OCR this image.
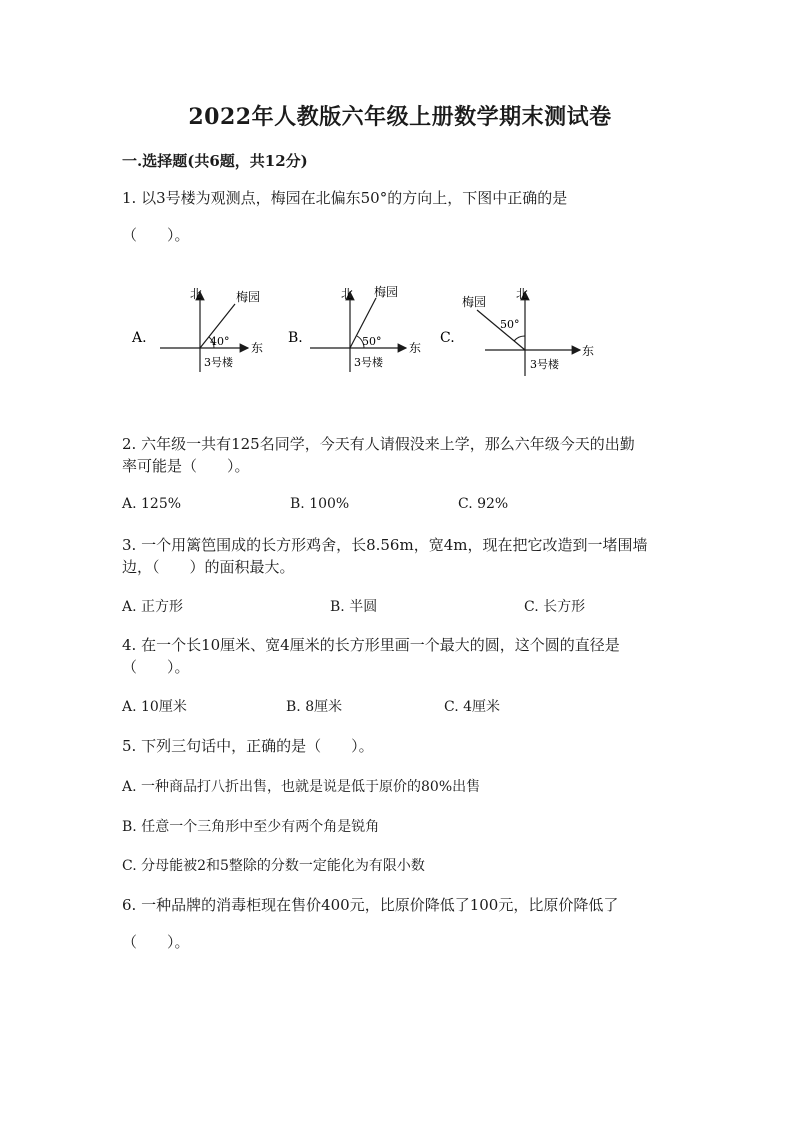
2022年人教版六年级上册数学期末测试卷
一.选择题(共6题，共12分)
1. 以3号楼为观测点，梅园在北偏东50°的方向上，下图中正确的是
（　　）。
A.
北	梅园
40° 东
3号楼
B.
北 梅园
50° 东
3号楼
C.
北
梅园
50°
东
3号楼
2. 六年级一共有125名同学，今天有人请假没来上学，那么六年级今天的出勤
率可能是（　　）。
A. 125%	B. 100%	C. 92%
3. 一个用篱笆围成的长方形鸡舍，长8.56m，宽4m，现在把它改造到一堵围墙
边，（　　）的面积最大。
A. 正方形	B. 半圆	C. 长方形
4. 在一个长10厘米、宽4厘米的长方形里画一个最大的圆，这个圆的直径是
（　　）。
A. 10厘米	B. 8厘米	C. 4厘米
5. 下列三句话中，正确的是（　　）。
A. 一种商品打八折出售，也就是说是低于原价的80%出售
B. 任意一个三角形中至少有两个角是锐角
C. 分母能被2和5整除的分数一定能化为有限小数
6. 一种品牌的消毒柜现在售价400元，比原价降低了100元，比原价降低了
（　　）。
